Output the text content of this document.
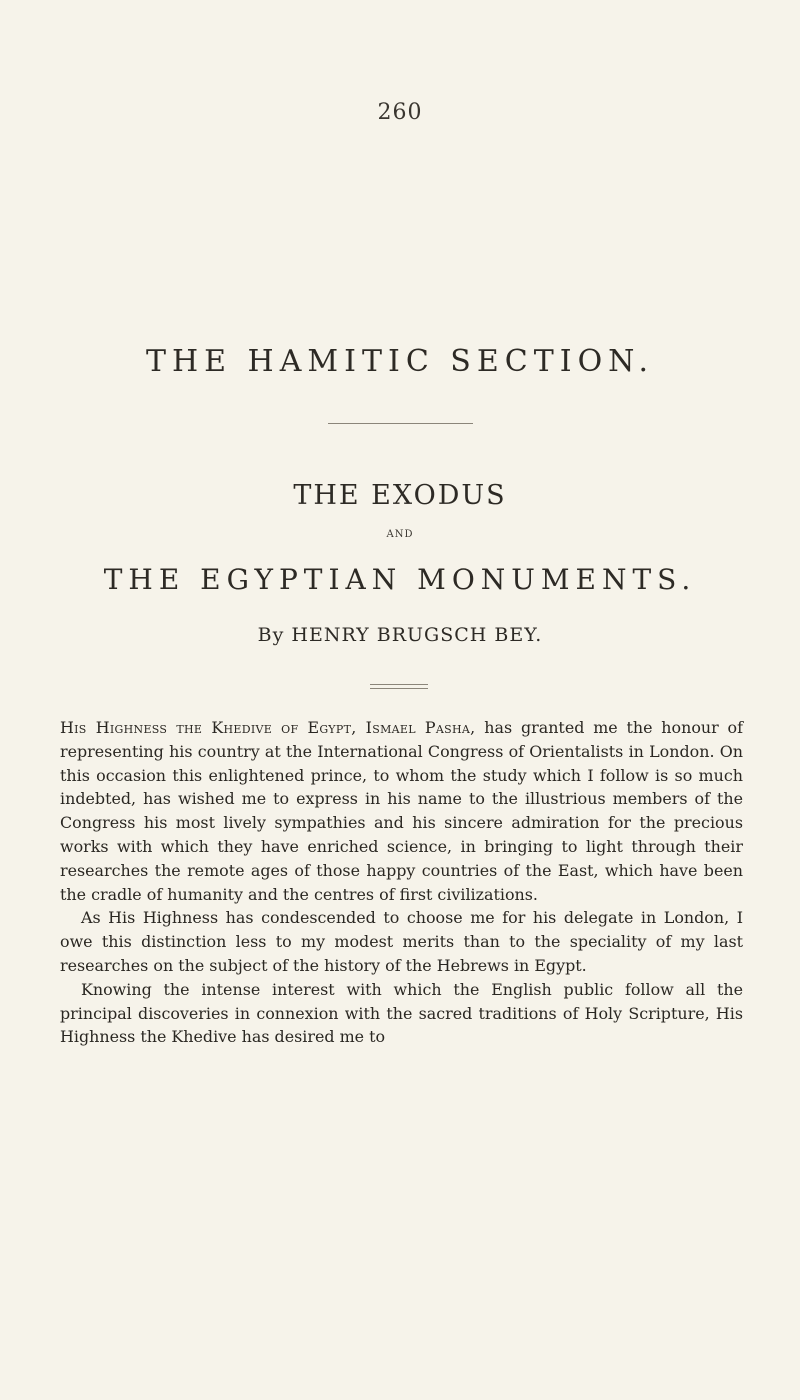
260
THE HAMITIC SECTION.
THE EXODUS
AND
THE EGYPTIAN MONUMENTS.
By HENRY BRUGSCH BEY.

His Highness the Khedive of Egypt, Ismael Pasha, has granted me the honour of representing his country at the International Congress of Orientalists in London. On this occasion this enlightened prince, to whom the study which I follow is so much indebted, has wished me to express in his name to the illustrious members of the Congress his most lively sympathies and his sincere admiration for the precious works with which they have enriched science, in bringing to light through their researches the remote ages of those happy countries of the East, which have been the cradle of humanity and the centres of first civilizations.

As His Highness has condescended to choose me for his delegate in London, I owe this distinction less to my modest merits than to the speciality of my last researches on the subject of the history of the Hebrews in Egypt.

Knowing the intense interest with which the English public follow all the principal discoveries in connexion with the sacred traditions of Holy Scripture, His Highness the Khedive has desired me to
